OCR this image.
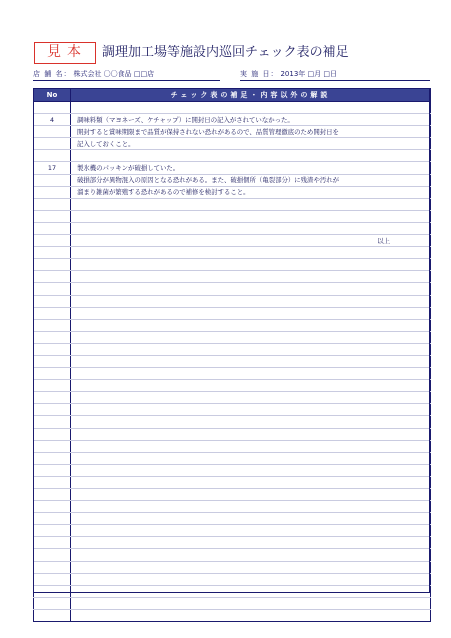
見本	調理加工場等施設内巡回チェック表の補足
店 舗 名： 株式会社 〇〇食品 □□店	実 施 日： 2013年 □月 □日
No	チェック表の補足・内容以外の解説

4	調味料類（マヨネーズ、ケチャップ）に開封日の記入がされていなかった。
	開封すると賞味期限まで品質が保持されない恐れがあるので、品質管理徹底のため開封日を
	記入しておくこと。

17	製氷機のパッキンが破損していた。
	破損部分が異物混入の原因となる恐れがある。また、破損個所（亀裂部分）に残渣や汚れが
	溜まり雑菌が繁殖する恐れがあるので補修を検討すること。

	以上
